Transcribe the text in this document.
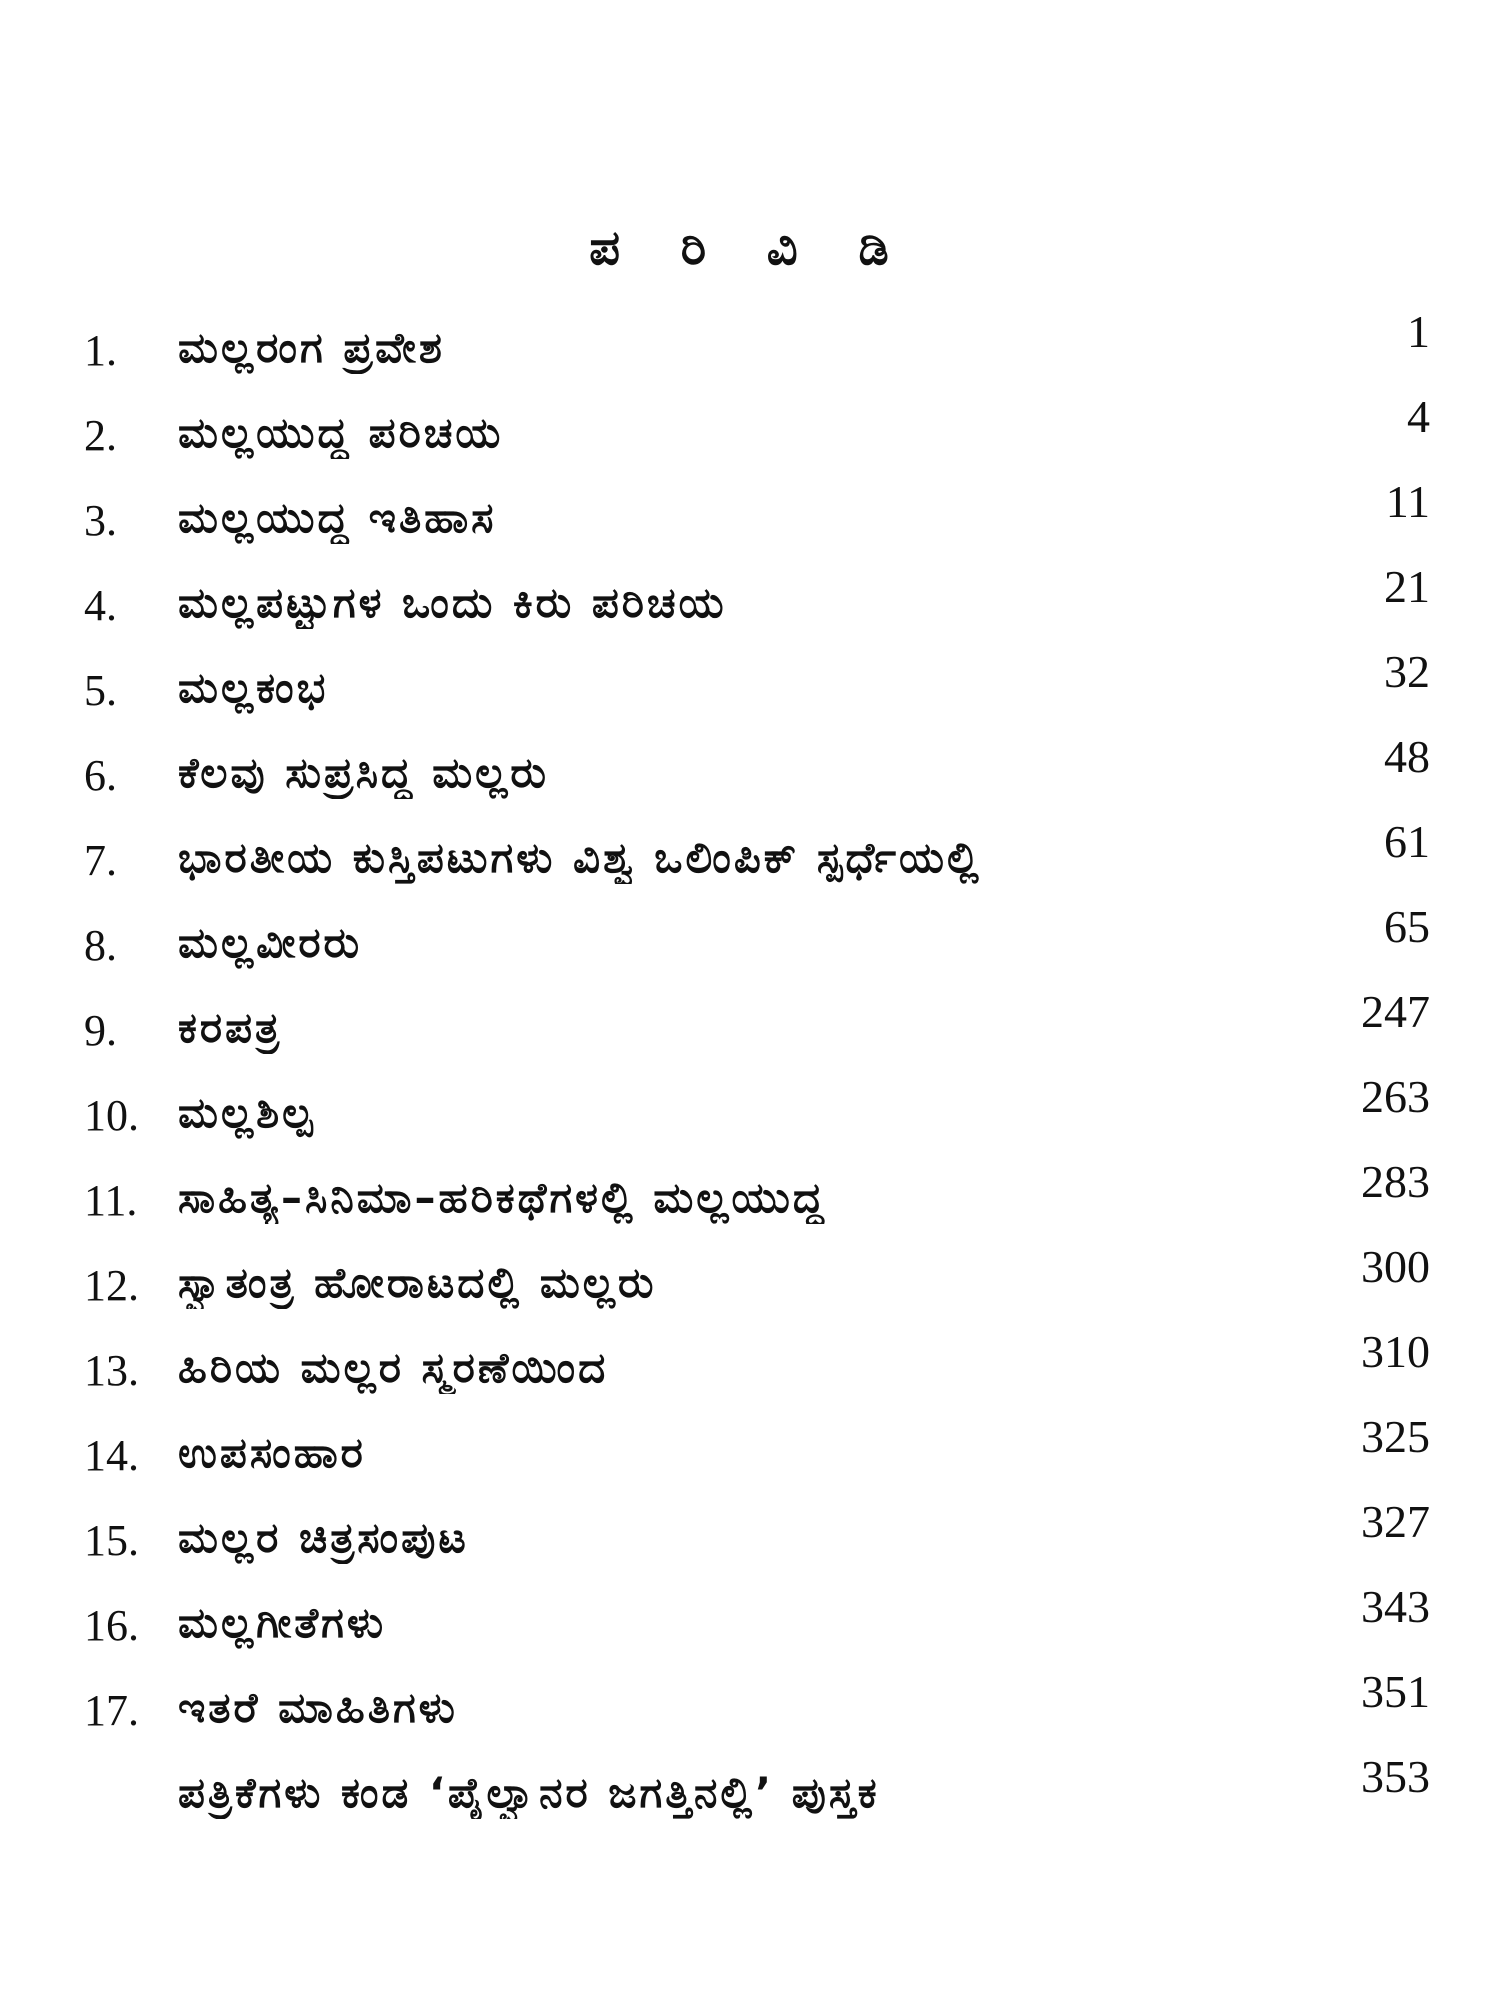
ಪ ರಿ ವಿ ಡಿ
1. ಮಲ್ಲರಂಗ ಪ್ರವೇಶ	1
2. ಮಲ್ಲಯುದ್ಧ ಪರಿಚಯ	4
3. ಮಲ್ಲಯುದ್ಧ ಇತಿಹಾಸ	11
4. ಮಲ್ಲಪಟ್ಟುಗಳ ಒಂದು ಕಿರು ಪರಿಚಯ	21
5. ಮಲ್ಲಕಂಭ	32
6. ಕೆಲವು ಸುಪ್ರಸಿದ್ಧ ಮಲ್ಲರು	48
7. ಭಾರತೀಯ ಕುಸ್ತಿಪಟುಗಳು ವಿಶ್ವ ಒಲಿಂಪಿಕ್ ಸ್ಪರ್ಧೆಯಲ್ಲಿ	61
8. ಮಲ್ಲವೀರರು	65
9. ಕರಪತ್ರ	247
10. ಮಲ್ಲಶಿಲ್ಪ	263
11. ಸಾಹಿತ್ಯ–ಸಿನಿಮಾ–ಹರಿಕಥೆಗಳಲ್ಲಿ ಮಲ್ಲಯುದ್ಧ	283
12. ಸ್ವಾತಂತ್ರ ಹೋರಾಟದಲ್ಲಿ ಮಲ್ಲರು	300
13. ಹಿರಿಯ ಮಲ್ಲರ ಸ್ಮರಣೆಯಿಂದ	310
14. ಉಪಸಂಹಾರ	325
15. ಮಲ್ಲರ ಚಿತ್ರಸಂಪುಟ	327
16. ಮಲ್ಲಗೀತೆಗಳು	343
17. ಇತರೆ ಮಾಹಿತಿಗಳು	351
ಪತ್ರಿಕೆಗಳು ಕಂಡ ‘ಪೈಲ್ವಾನರ ಜಗತ್ತಿನಲ್ಲಿ’ ಪುಸ್ತಕ	353
